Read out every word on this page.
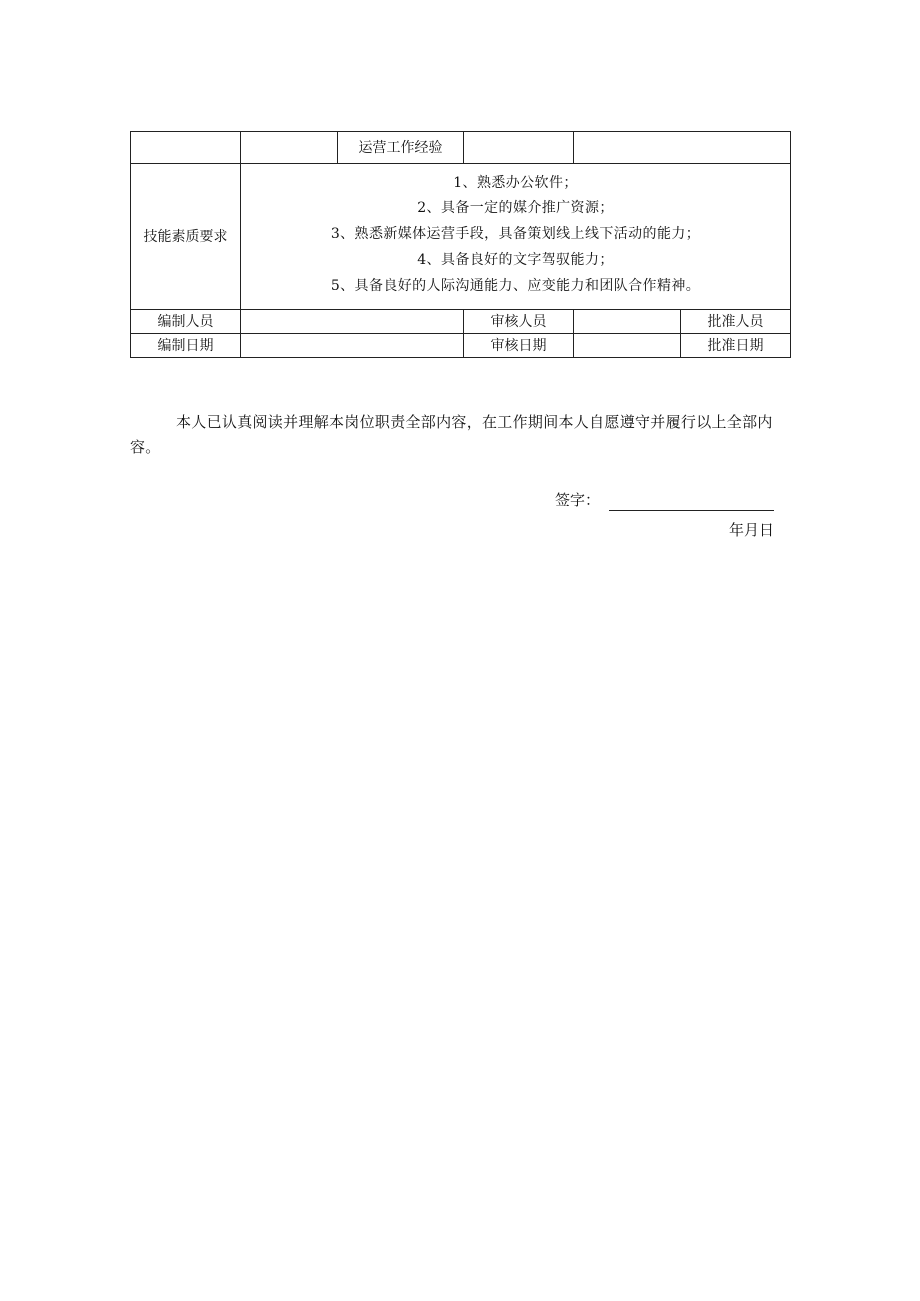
		运营工作经验			
技能素质要求	1、熟悉办公软件；
2、具备一定的媒介推广资源；
3、熟悉新媒体运营手段，具备策划线上线下活动的能力；
4、具备良好的文字驾驭能力；
5、具备良好的人际沟通能力、应变能力和团队合作精神。				

编制人员			审核人员		批准人员
编制日期			审核日期		批准日期
本人已认真阅读并理解本岗位职责全部内容，在工作期间本人自愿遵守并履行以上全部内容。
签字：
年月日
